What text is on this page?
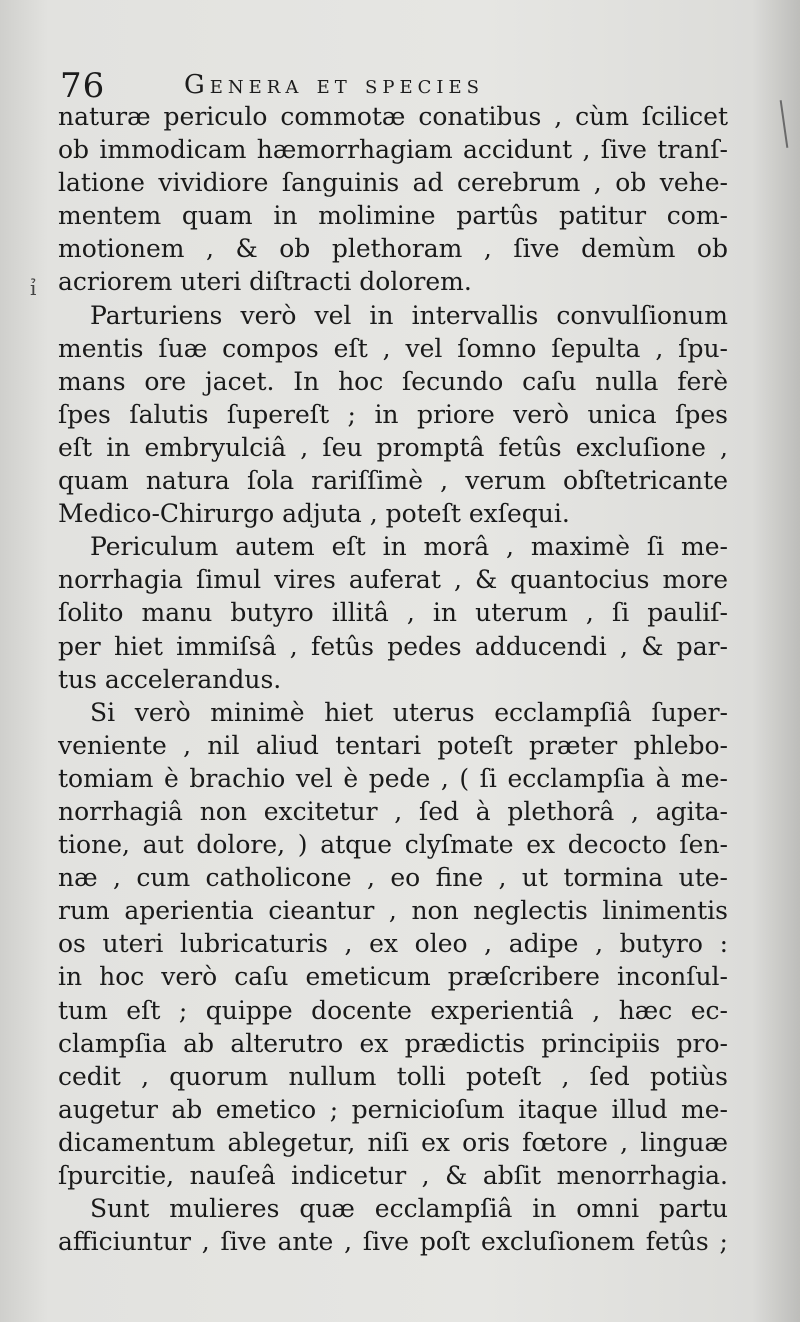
76	Genera et species
ỉ
naturæ periculo commotæ conatibus , cùm ſcilicet
ob immodicam hæmorrhagiam accidunt , ſive tranſ-
latione vividiore ſanguinis ad cerebrum , ob vehe-
mentem quam in molimine partûs patitur com-
motionem , & ob plethoram , ſive demùm ob
acriorem uteri diſtracti dolorem.
Parturiens verò vel in intervallis convulſionum
mentis ſuæ compos eſt , vel ſomno ſepulta , ſpu-
mans ore jacet. In hoc ſecundo caſu nulla ferè
ſpes ſalutis ſupereſt ; in priore verò unica ſpes
eſt in embryulciâ , ſeu promptâ fetûs excluſione ,
quam natura ſola rariſſimè , verum obſtetricante
Medico-Chirurgo adjuta , poteſt exſequi.
Periculum autem eſt in morâ , maximè ſi me-
norrhagia ſimul vires auferat , & quantocius more
ſolito manu butyro illitâ , in uterum , ſi pauliſ-
per hiet immiſsâ , fetûs pedes adducendi , & par-
tus accelerandus.
Si verò minimè hiet uterus ecclampſiâ ſuper-
veniente , nil aliud tentari poteſt præter phlebo-
tomiam è brachio vel è pede , ( ſi ecclampſia à me-
norrhagiâ non excitetur , ſed à plethorâ , agita-
tione, aut dolore, ) atque clyſmate ex decocto ſen-
næ , cum catholicone , eo fine , ut tormina ute-
rum aperientia cieantur , non neglectis linimentis
os uteri lubricaturis , ex oleo , adipe , butyro :
in hoc verò caſu emeticum præſcribere inconſul-
tum eſt ; quippe docente experientiâ , hæc ec-
clampſia ab alterutro ex prædictis principiis pro-
cedit , quorum nullum tolli poteſt , ſed potiùs
augetur ab emetico ; pernicioſum itaque illud me-
dicamentum ablegetur, niſi ex oris fœtore , linguæ
ſpurcitie, nauſeâ indicetur , & abſit menorrhagia.
Sunt mulieres quæ ecclampſiâ in omni partu
afficiuntur , ſive ante , ſive poſt excluſionem fetûs ;
